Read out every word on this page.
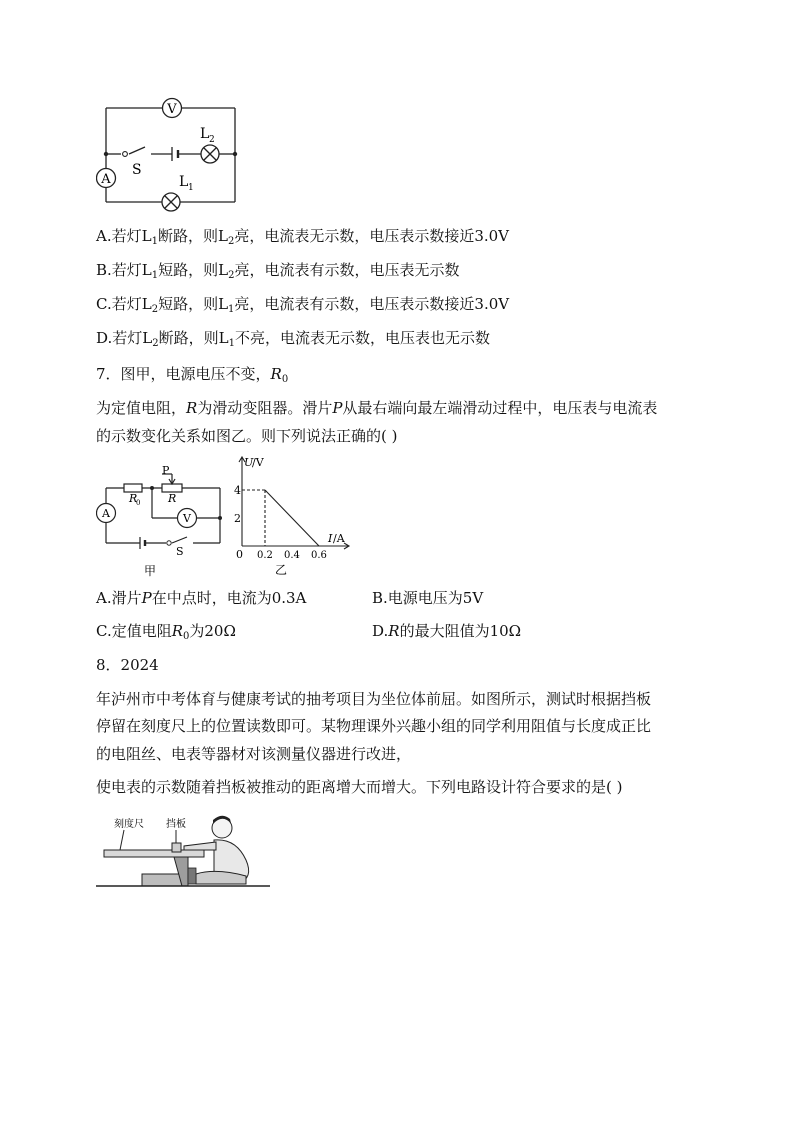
V
A
S
L 2
L 1
A.若灯$L_1$断路，则$L_2$亮，电流表无示数，电压表示数接近3.0V
B.若灯$L_1$短路，则$L_2$亮，电流表有示数，电压表无示数
C.若灯$L_2$短路，则$L_1$亮，电流表有示数，电压表示数接近3.0V
D.若灯$L_2$断路，则$L_1$不亮，电流表无示数，电压表也无示数
7．图甲，电源电压不变，$R_0$
为定值电阻，R为滑动变阻器。滑片P从最右端向最左端滑动过程中，电压表与电流表
的示数变化关系如图乙。则下列说法正确的( )
P
R
R
0
A	V
S
甲
U
/V
I /A
4
2
0 0.2 0.4 0.6
乙
A.滑片P在中点时，电流为0.3A	B.电源电压为5V
C.定值电阻$R_0$为20Ω	D.R的最大阻值为10Ω
8．2024
年泸州市中考体育与健康考试的抽考项目为坐位体前屈。如图所示，测试时根据挡板
停留在刻度尺上的位置读数即可。某物理课外兴趣小组的同学利用阻值与长度成正比
的电阻丝、电表等器材对该测量仪器进行改进，
使电表的示数随着挡板被推动的距离增大而增大。下列电路设计符合要求的是( )
刻度尺 挡板
